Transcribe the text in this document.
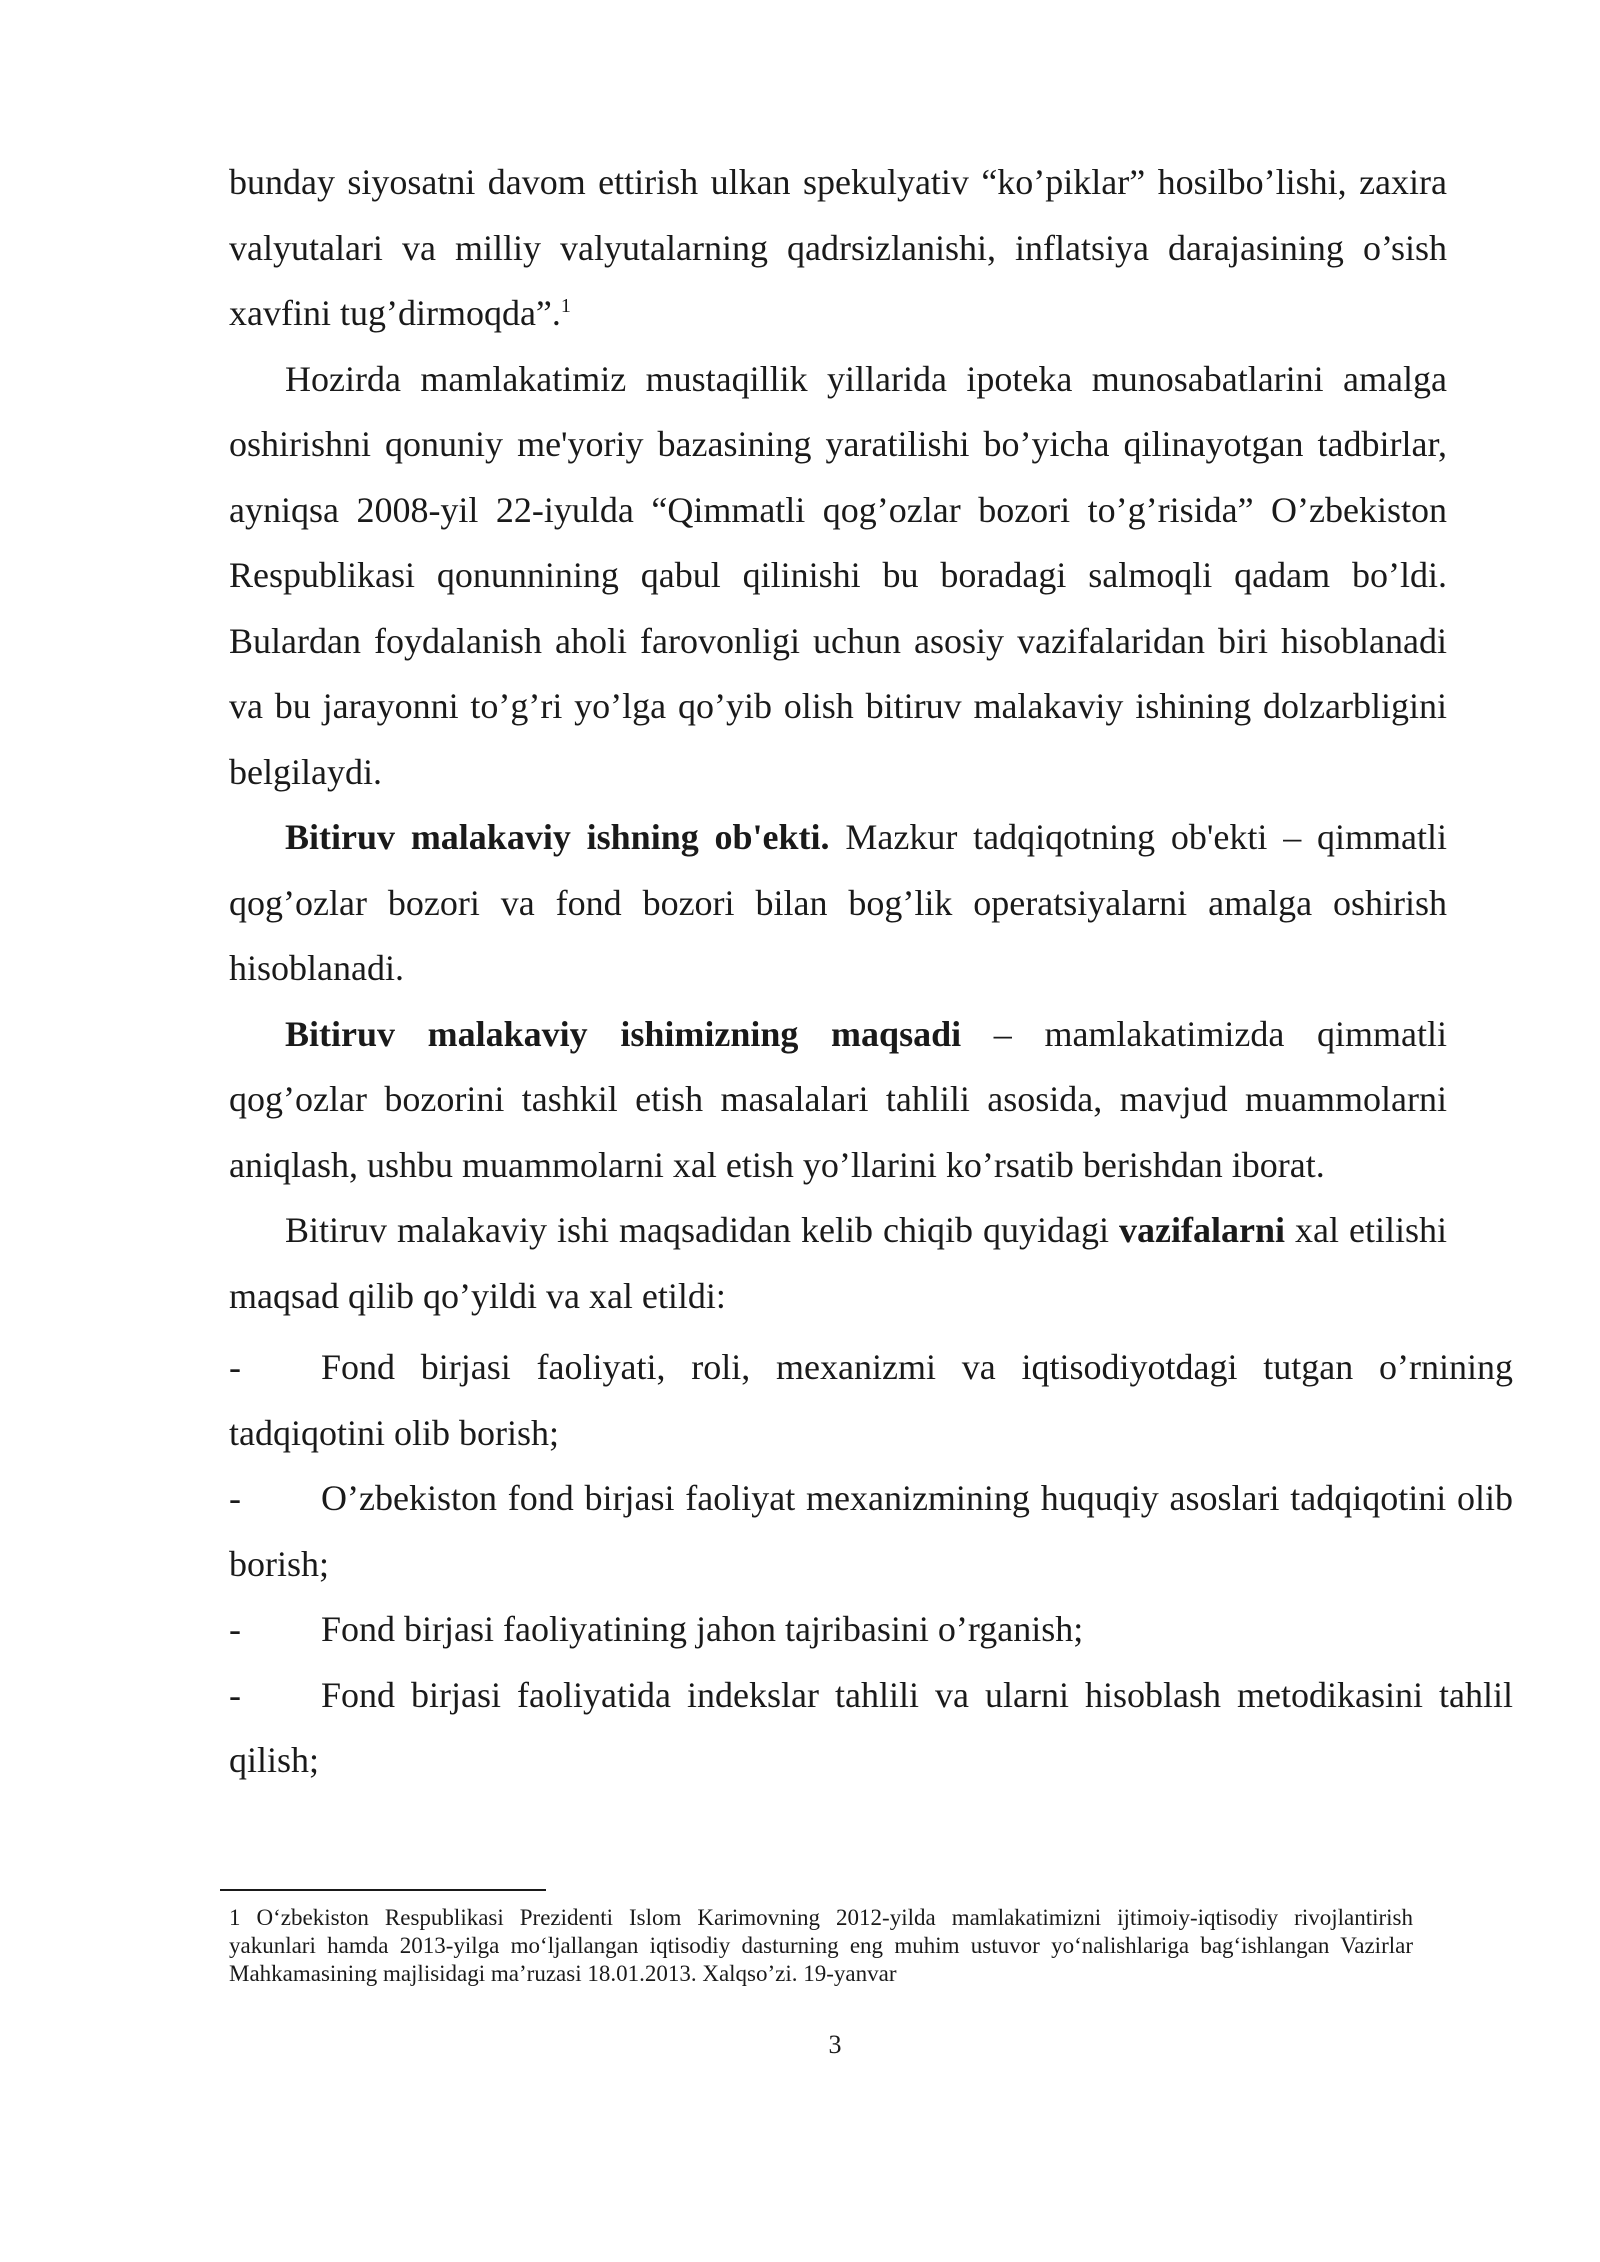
bunday siyosatni davom ettirish ulkan spekulyativ “ko’piklar” hosilbo’lishi, zaxira valyutalari va milliy valyutalarning qadrsizlanishi, inflatsiya darajasining o’sish xavfini tug’dirmoqda”.$^1$

Hozirda mamlakatimiz mustaqillik yillarida ipoteka munosabatlarini amalga oshirishni qonuniy me'yoriy bazasining yaratilishi bo’yicha qilinayotgan tadbirlar, ayniqsa 2008-yil 22-iyulda “Qimmatli qog’ozlar bozori to’g’risida” O’zbekiston Respublikasi qonunnining qabul qilinishi bu boradagi salmoqli qadam bo’ldi. Bulardan foydalanish aholi farovonligi uchun asosiy vazifalaridan biri hisoblanadi va bu jarayonni to’g’ri yo’lga qo’yib olish bitiruv malakaviy ishining dolzarbligini belgilaydi.

Bitiruv malakaviy ishning ob'ekti. Mazkur tadqiqotning ob'ekti – qimmatli qog’ozlar bozori va fond bozori bilan bog’lik operatsiyalarni amalga oshirish hisoblanadi.

Bitiruv malakaviy ishimizning maqsadi – mamlakatimizda qimmatli qog’ozlar bozorini tashkil etish masalalari tahlili asosida, mavjud muammolarni aniqlash, ushbu muammolarni xal etish yo’llarini ko’rsatib berishdan iborat.

Bitiruv malakaviy ishi maqsadidan kelib chiqib quyidagi vazifalarni xal etilishi maqsad qilib qo’yildi va xal etildi:

- Fond birjasi faoliyati, roli, mexanizmi va iqtisodiyotdagi tutgan o’rnining tadqiqotini olib borish;
- O’zbekiston fond birjasi faoliyat mexanizmining huquqiy asoslari tadqiqotini olib borish;
- Fond birjasi faoliyatining jahon tajribasini o’rganish;
- Fond birjasi faoliyatida indekslar tahlili va ularni hisoblash metodikasini tahlil qilish;
1 O‘zbekiston Respublikasi Prezidenti Islom Karimovning 2012-yilda mamlakatimizni ijtimoiy-iqtisodiy rivojlantirish yakunlari hamda 2013-yilga mo‘ljallangan iqtisodiy dasturning eng muhim ustuvor yo‘nalishlariga bag‘ishlangan Vazirlar Mahkamasining majlisidagi ma’ruzasi 18.01.2013. Xalqso’zi. 19-yanvar
3
